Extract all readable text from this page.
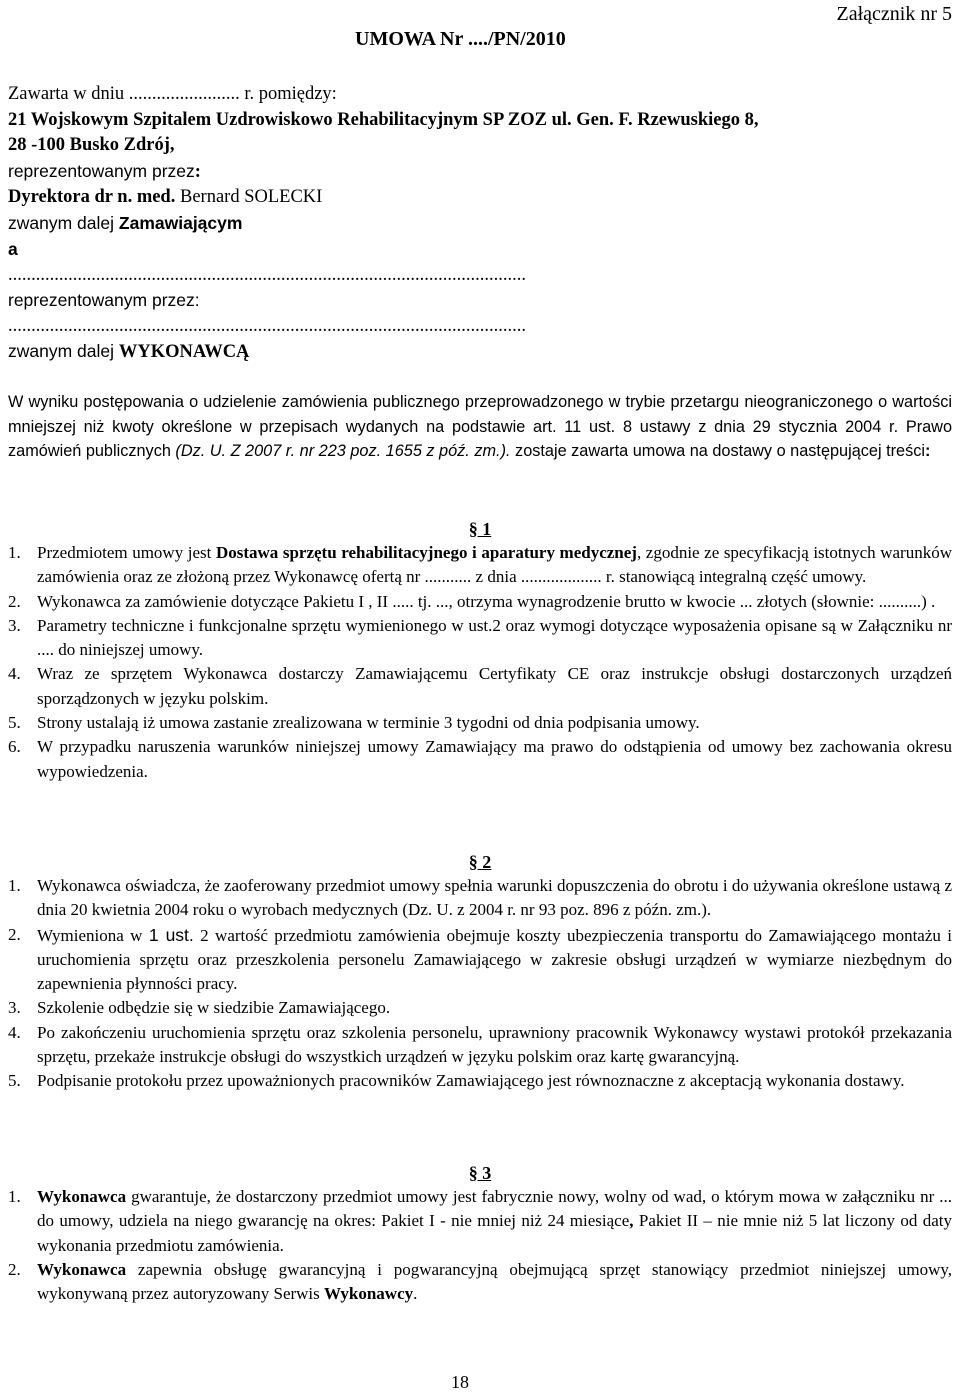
Załącznik nr 5
UMOWA Nr ..../PN/2010
Zawarta w dniu ........................ r. pomiędzy:
21 Wojskowym Szpitalem Uzdrowiskowo Rehabilitacyjnym SP ZOZ ul. Gen. F. Rzewuskiego 8,
28 -100 Busko Zdrój,
reprezentowanym przez:
Dyrektora dr n. med. Bernard SOLECKI
zwanym dalej Zamawiającym
a
................................................................................................................
reprezentowanym przez:
................................................................................................................
zwanym dalej WYKONAWCĄ
W wyniku postępowania o udzielenie zamówienia publicznego przeprowadzonego w trybie przetargu nieograniczonego o wartości mniejszej niż kwoty określone w przepisach wydanych na podstawie art. 11 ust. 8 ustawy z dnia 29 stycznia 2004 r. Prawo zamówień publicznych (Dz. U. Z 2007 r. nr 223 poz. 1655 z póź. zm.). zostaje zawarta umowa na dostawy o następującej treści:

§ 1

1. Przedmiotem umowy jest Dostawa sprzętu rehabilitacyjnego i aparatury medycznej, zgodnie ze specyfikacją istotnych warunków zamówienia oraz ze złożoną przez Wykonawcę ofertą nr ........... z dnia ................... r. stanowiącą integralną część umowy.

2. Wykonawca za zamówienie dotyczące Pakietu I , II ..... tj. ..., otrzyma wynagrodzenie brutto w kwocie ... złotych (słownie: ..........) .

3. Parametry techniczne i funkcjonalne sprzętu wymienionego w ust.2 oraz wymogi dotyczące wyposażenia opisane są w Załączniku nr .... do niniejszej umowy.

4. Wraz ze sprzętem Wykonawca dostarczy Zamawiającemu Certyfikaty CE oraz instrukcje obsługi dostarczonych urządzeń sporządzonych w języku polskim.

5. Strony ustalają iż umowa zastanie zrealizowana w terminie 3 tygodni od dnia podpisania umowy.

6. W przypadku naruszenia warunków niniejszej umowy Zamawiający ma prawo do odstąpienia od umowy bez zachowania okresu wypowiedzenia.

§ 2

1. Wykonawca oświadcza, że zaoferowany przedmiot umowy spełnia warunki dopuszczenia do obrotu i do używania określone ustawą z dnia 20 kwietnia 2004 roku o wyrobach medycznych (Dz. U. z 2004 r. nr 93 poz. 896 z późn. zm.).

2. Wymieniona w 1 ust. 2 wartość przedmiotu zamówienia obejmuje koszty ubezpieczenia transportu do Zamawiającego montażu i uruchomienia sprzętu oraz przeszkolenia personelu Zamawiającego w zakresie obsługi urządzeń w wymiarze niezbędnym do zapewnienia płynności pracy.

3. Szkolenie odbędzie się w siedzibie Zamawiającego.

4. Po zakończeniu uruchomienia sprzętu oraz szkolenia personelu, uprawniony pracownik Wykonawcy wystawi protokół przekazania sprzętu, przekaże instrukcje obsługi do wszystkich urządzeń w języku polskim oraz kartę gwarancyjną.

5. Podpisanie protokołu przez upoważnionych pracowników Zamawiającego jest równoznaczne z akceptacją wykonania dostawy.

§ 3

1. Wykonawca gwarantuje, że dostarczony przedmiot umowy jest fabrycznie nowy, wolny od wad, o którym mowa w załączniku nr ... do umowy, udziela na niego gwarancję na okres: Pakiet I - nie mniej niż 24 miesiące, Pakiet II – nie mnie niż 5 lat liczony od daty wykonania przedmiotu zamówienia.

2. Wykonawca zapewnia obsługę gwarancyjną i pogwarancyjną obejmującą sprzęt stanowiący przedmiot niniejszej umowy, wykonywaną przez autoryzowany Serwis Wykonawcy.

18
